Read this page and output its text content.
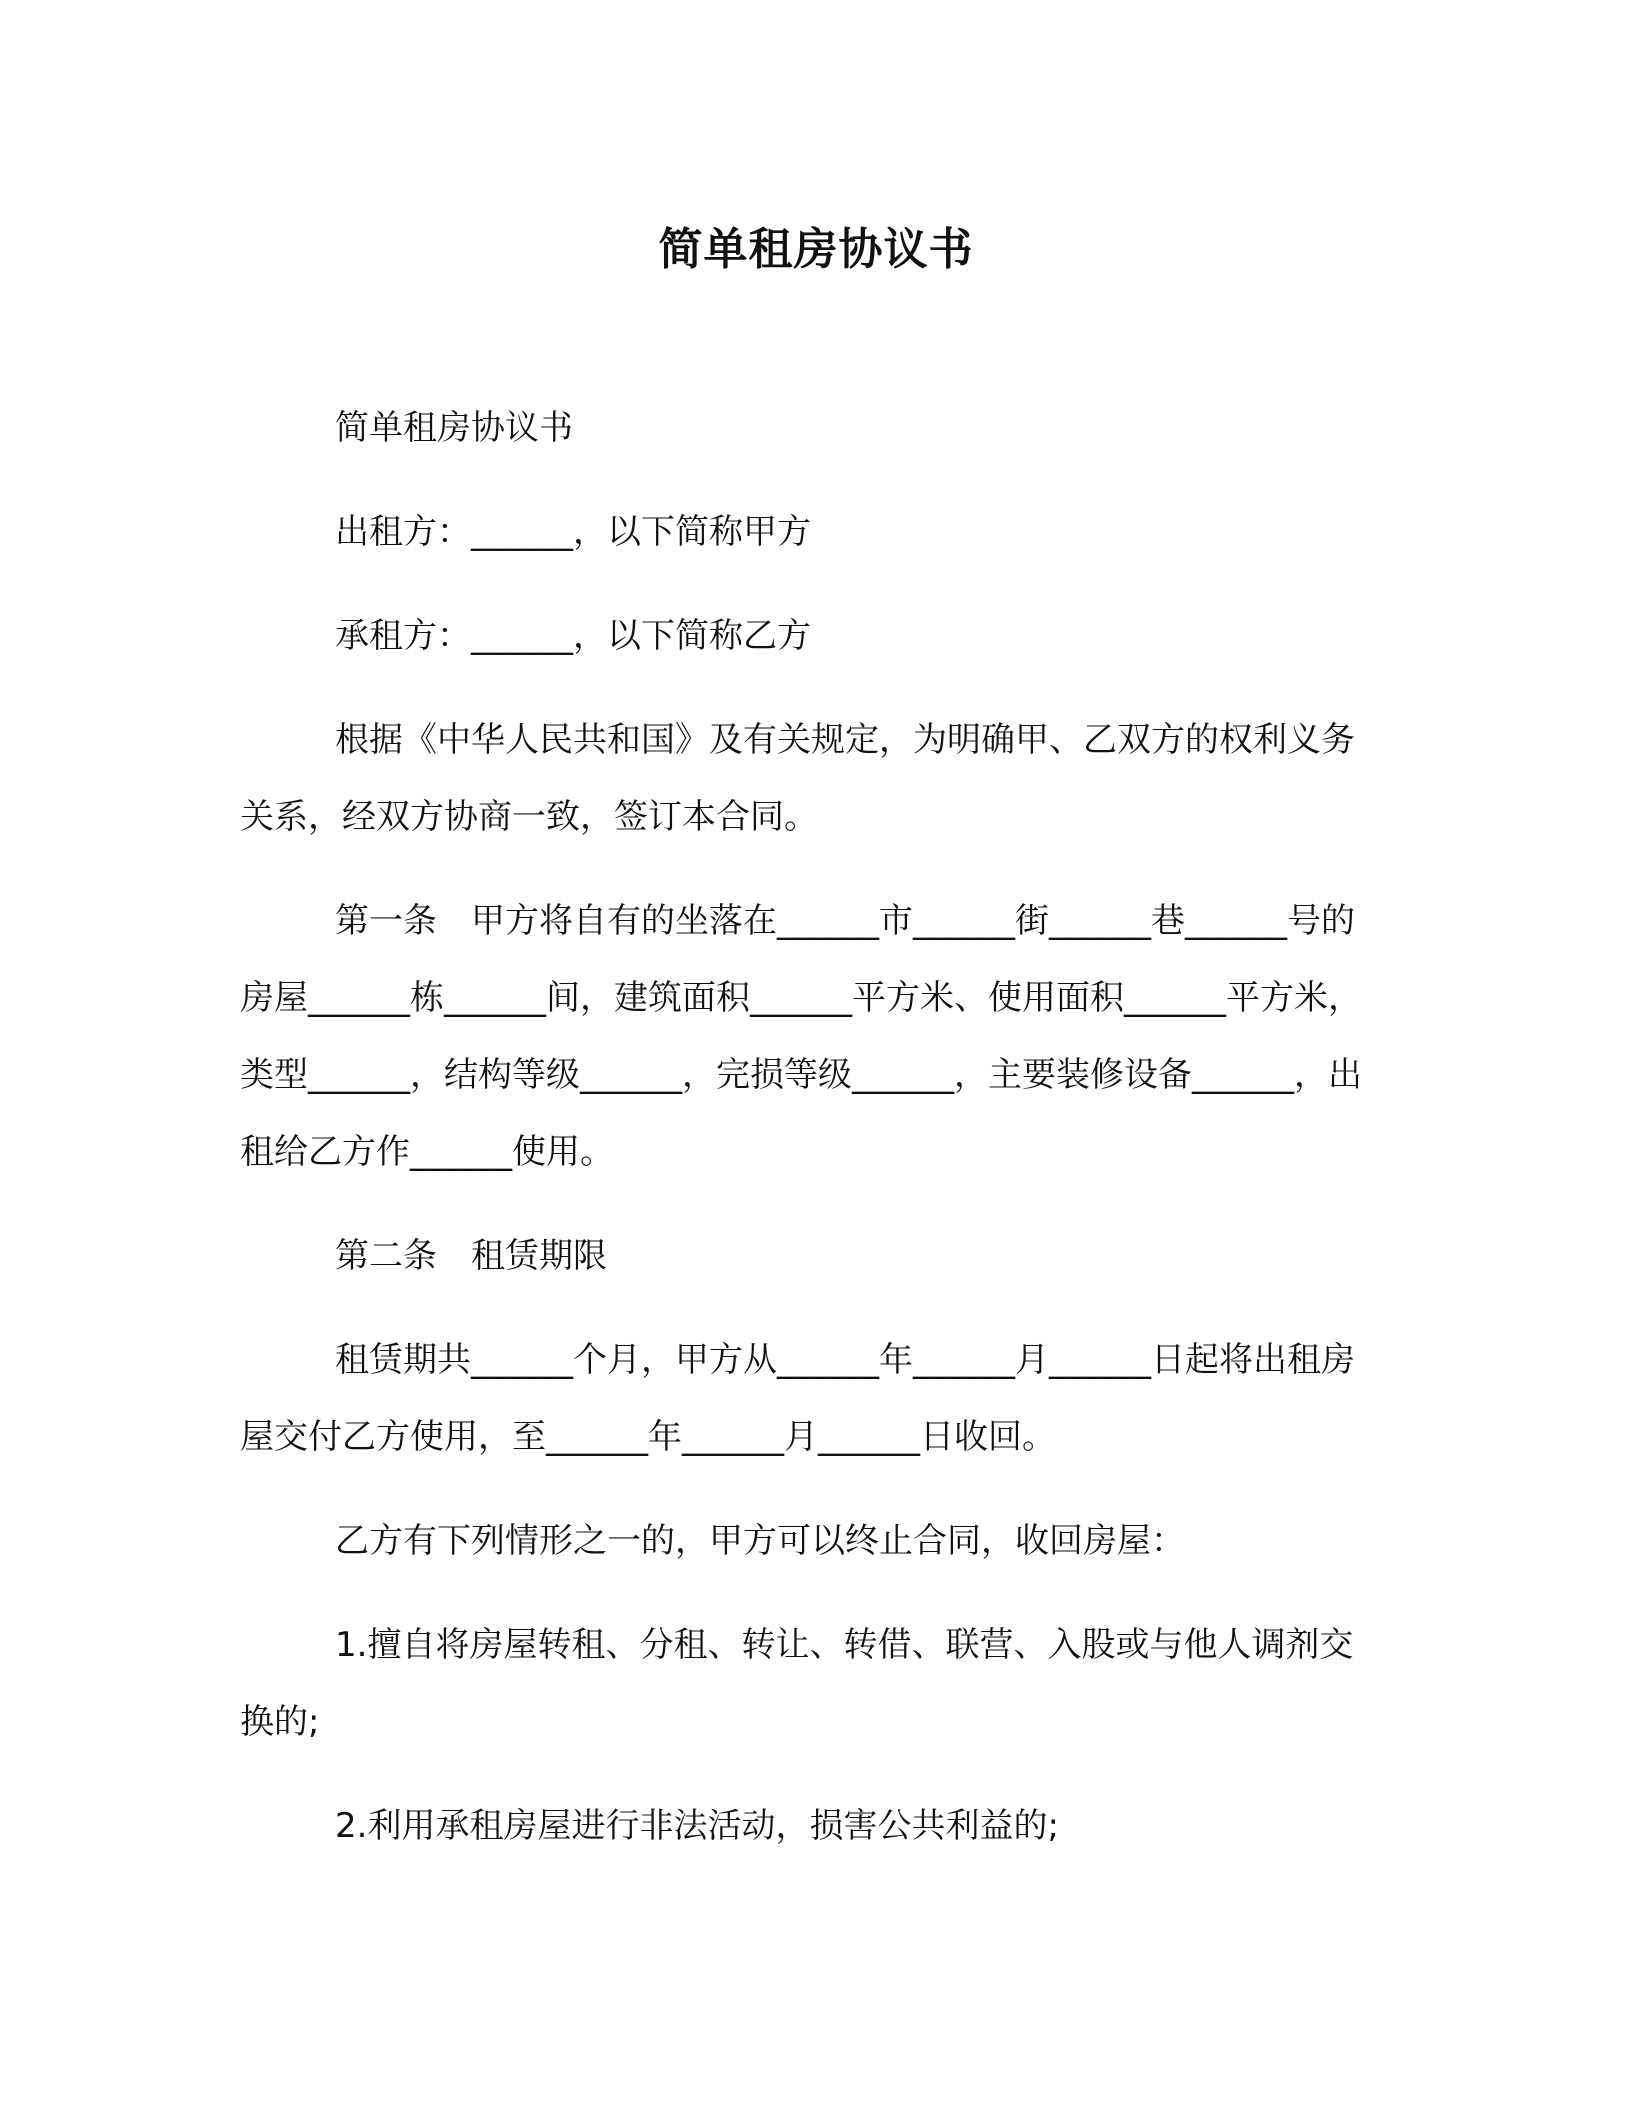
简单租房协议书

简单租房协议书

出租方：______，以下简称甲方

承租方：______，以下简称乙方

根据《中华人民共和国》及有关规定，为明确甲、乙双方的权利义务关系，经双方协商一致，签订本合同。

第一条　甲方将自有的坐落在______市______街______巷______号的房屋______栋______间，建筑面积______平方米、使用面积______平方米，类型______，结构等级______，完损等级______，主要装修设备______，出租给乙方作______使用。

第二条　租赁期限

租赁期共______个月，甲方从______年______月______日起将出租房屋交付乙方使用，至______年______月______日收回。

乙方有下列情形之一的，甲方可以终止合同，收回房屋：

1.擅自将房屋转租、分租、转让、转借、联营、入股或与他人调剂交换的;

2.利用承租房屋进行非法活动，损害公共利益的;
